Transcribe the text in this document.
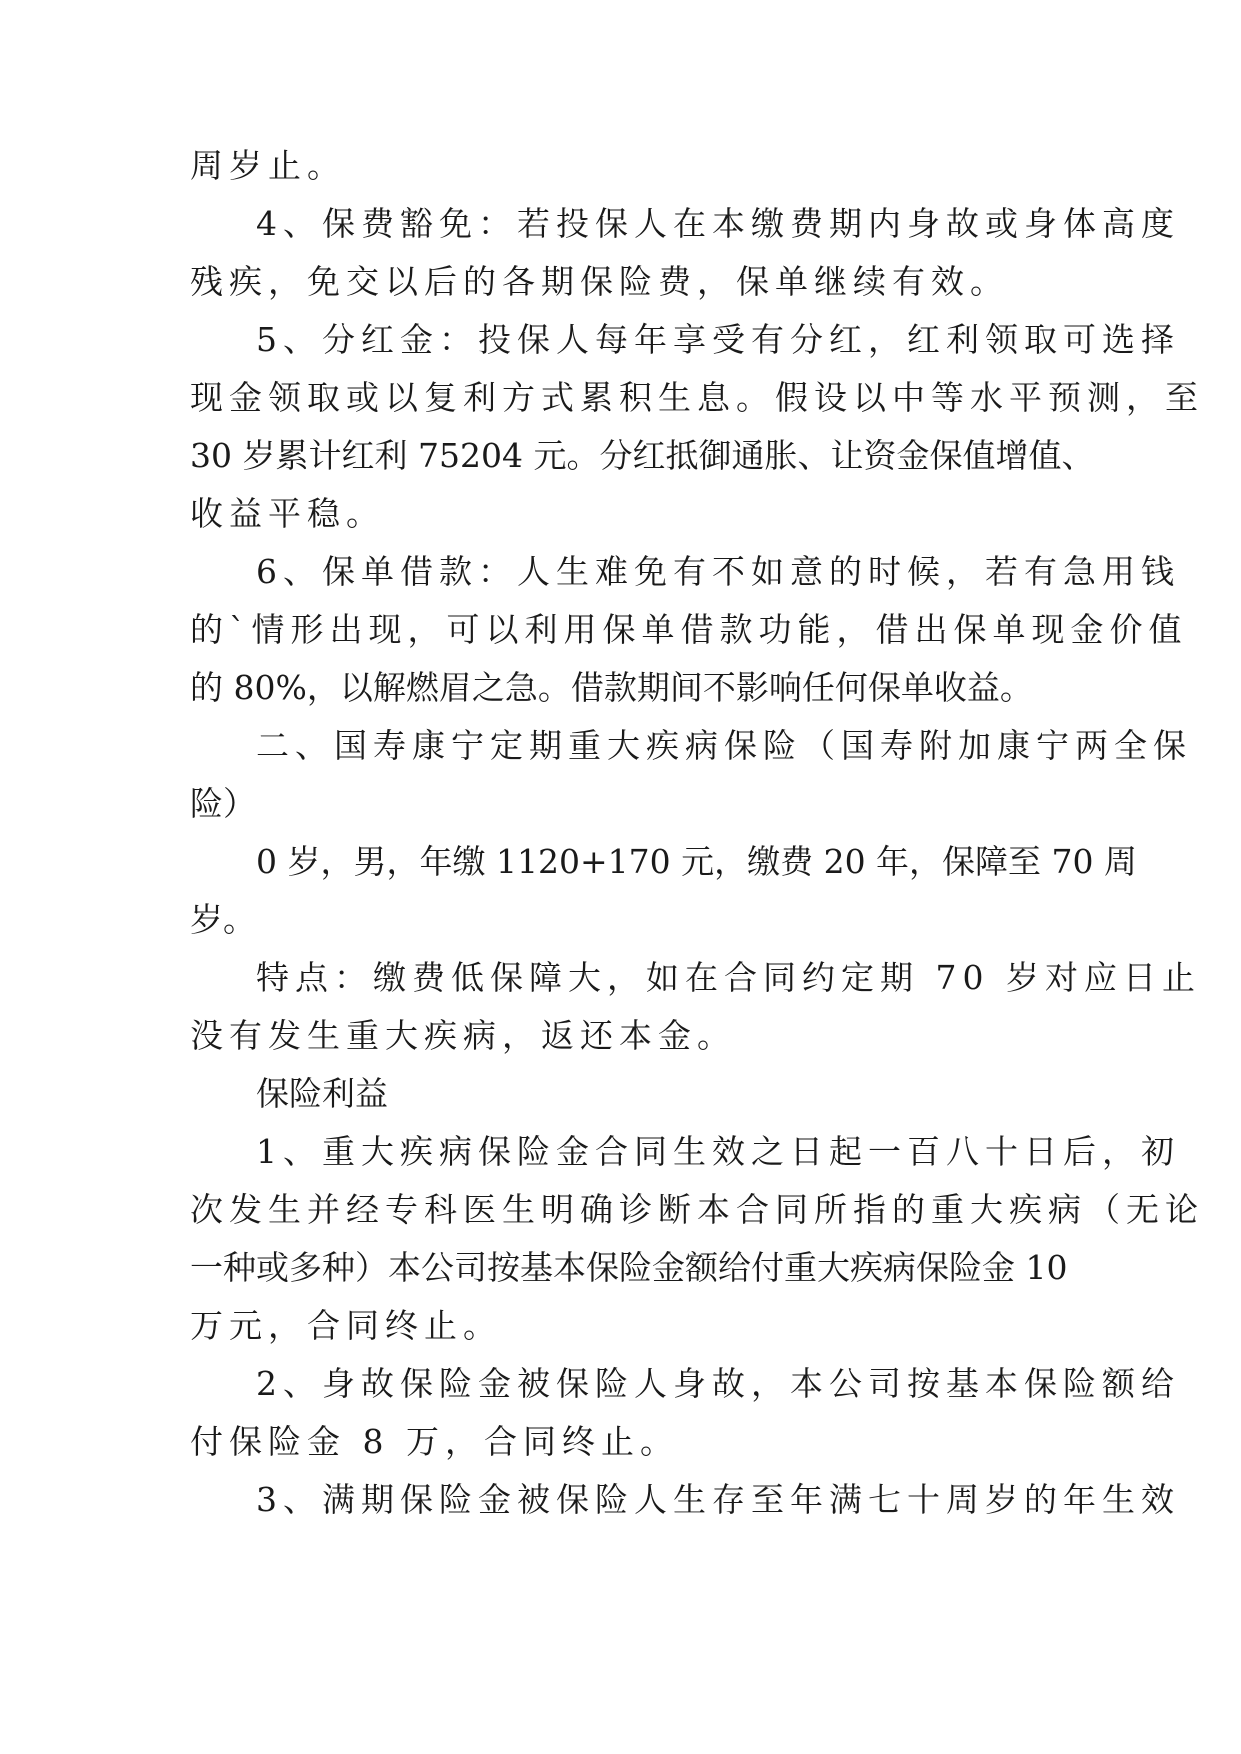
周岁止。
4、保费豁免：若投保人在本缴费期内身故或身体高度
残疾，免交以后的各期保险费，保单继续有效。
5、分红金：投保人每年享受有分红，红利领取可选择
现金领取或以复利方式累积生息。假设以中等水平预测，至
30 岁累计红利 75204 元。分红抵御通胀、让资金保值增值、
收益平稳。
6、保单借款：人生难免有不如意的时候，若有急用钱
的`情形出现，可以利用保单借款功能，借出保单现金价值
的 80%，以解燃眉之急。借款期间不影响任何保单收益。
二、国寿康宁定期重大疾病保险（国寿附加康宁两全保
险）
0 岁，男，年缴 1120+170 元，缴费 20 年，保障至 70 周
岁。
特点：缴费低保障大，如在合同约定期 70 岁对应日止
没有发生重大疾病，返还本金。
保险利益
1、重大疾病保险金合同生效之日起一百八十日后，初
次发生并经专科医生明确诊断本合同所指的重大疾病（无论
一种或多种）本公司按基本保险金额给付重大疾病保险金 10
万元，合同终止。
2、身故保险金被保险人身故，本公司按基本保险额给
付保险金 8 万，合同终止。
3、满期保险金被保险人生存至年满七十周岁的年生效
